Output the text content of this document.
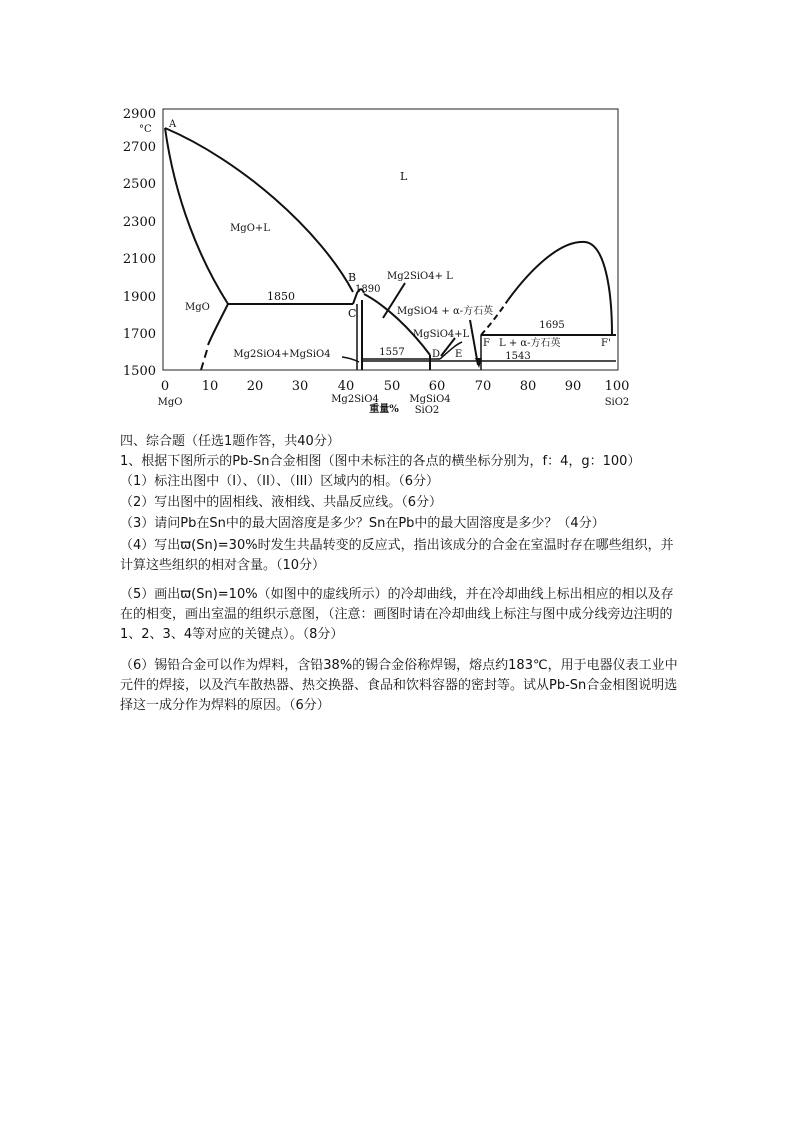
2900
°C
2700
2500
2300
2100
1900
1700
1500
0	10 20 30 40 50 60 70 80 90 100
MgO	Mg2SiO4	MgSiO4
重量% SiO2
SiO2
A
B
C
D E
F	F'
1850
1890
1557	1543
1695
L
MgO+L
MgO
Mg2SiO4+MgSiO4
Mg2SiO4+ L
MgSiO4 + α-方石英
MgSiO4+L
L + α-方石英
四、综合题（任选1题作答，共40分）
1、根据下图所示的Pb-Sn合金相图（图中未标注的各点的横坐标分别为，f：4，g：100）
（1）标注出图中（I）、（II）、（III）区域内的相。（6分）
（2）写出图中的固相线、液相线、共晶反应线。（6分）
（3）请问Pb在Sn中的最大固溶度是多少？Sn在Pb中的最大固溶度是多少？（4分）
（4）写出ϖ(Sn)=30%时发生共晶转变的反应式，指出该成分的合金在室温时存在哪些组织，并计算这些组织的相对含量。（10分）
（5）画出ϖ(Sn)=10%（如图中的虚线所示）的冷却曲线，并在冷却曲线上标出相应的相以及存在的相变，画出室温的组织示意图，（注意：画图时请在冷却曲线上标注与图中成分线旁边注明的1、2、3、4等对应的关键点）。（8分）
（6）锡铅合金可以作为焊料，含铅38%的锡合金俗称焊锡，熔点约183℃，用于电器仪表工业中元件的焊接，以及汽车散热器、热交换器、食品和饮料容器的密封等。试从Pb-Sn合金相图说明选择这一成分作为焊料的原因。（6分）
